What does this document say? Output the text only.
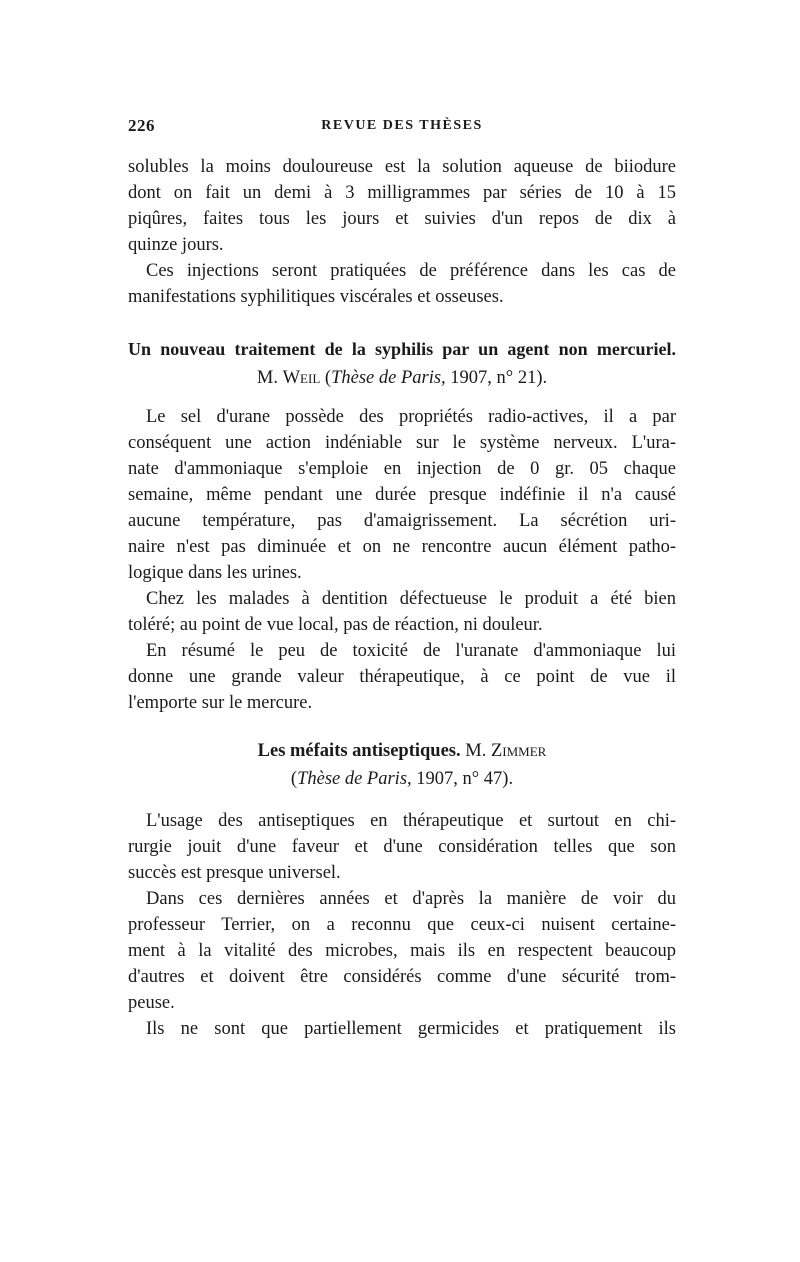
226	REVUE DES THÈSES
solubles la moins douloureuse est la solution aqueuse de biiodure
dont on fait un demi à 3 milligrammes par séries de 10 à 15
piqûres, faites tous les jours et suivies d'un repos de dix à
quinze jours.
Ces injections seront pratiquées de préférence dans les cas de
manifestations syphilitiques viscérales et osseuses.
Un nouveau traitement de la syphilis par un agent non mercuriel.
M. Weil (Thèse de Paris, 1907, n° 21).
Le sel d'urane possède des propriétés radio-actives, il a par
conséquent une action indéniable sur le système nerveux. L'ura-
nate d'ammoniaque s'emploie en injection de 0 gr. 05 chaque
semaine, même pendant une durée presque indéfinie il n'a causé
aucune température, pas d'amaigrissement. La sécrétion uri-
naire n'est pas diminuée et on ne rencontre aucun élément patho-
logique dans les urines.
Chez les malades à dentition défectueuse le produit a été bien
toléré; au point de vue local, pas de réaction, ni douleur.
En résumé le peu de toxicité de l'uranate d'ammoniaque lui
donne une grande valeur thérapeutique, à ce point de vue il
l'emporte sur le mercure.
Les méfaits antiseptiques. M. Zimmer
(Thèse de Paris, 1907, n° 47).
L'usage des antiseptiques en thérapeutique et surtout en chi-
rurgie jouit d'une faveur et d'une considération telles que son
succès est presque universel.
Dans ces dernières années et d'après la manière de voir du
professeur Terrier, on a reconnu que ceux-ci nuisent certaine-
ment à la vitalité des microbes, mais ils en respectent beaucoup
d'autres et doivent être considérés comme d'une sécurité trom-
peuse.
Ils ne sont que partiellement germicides et pratiquement ils
